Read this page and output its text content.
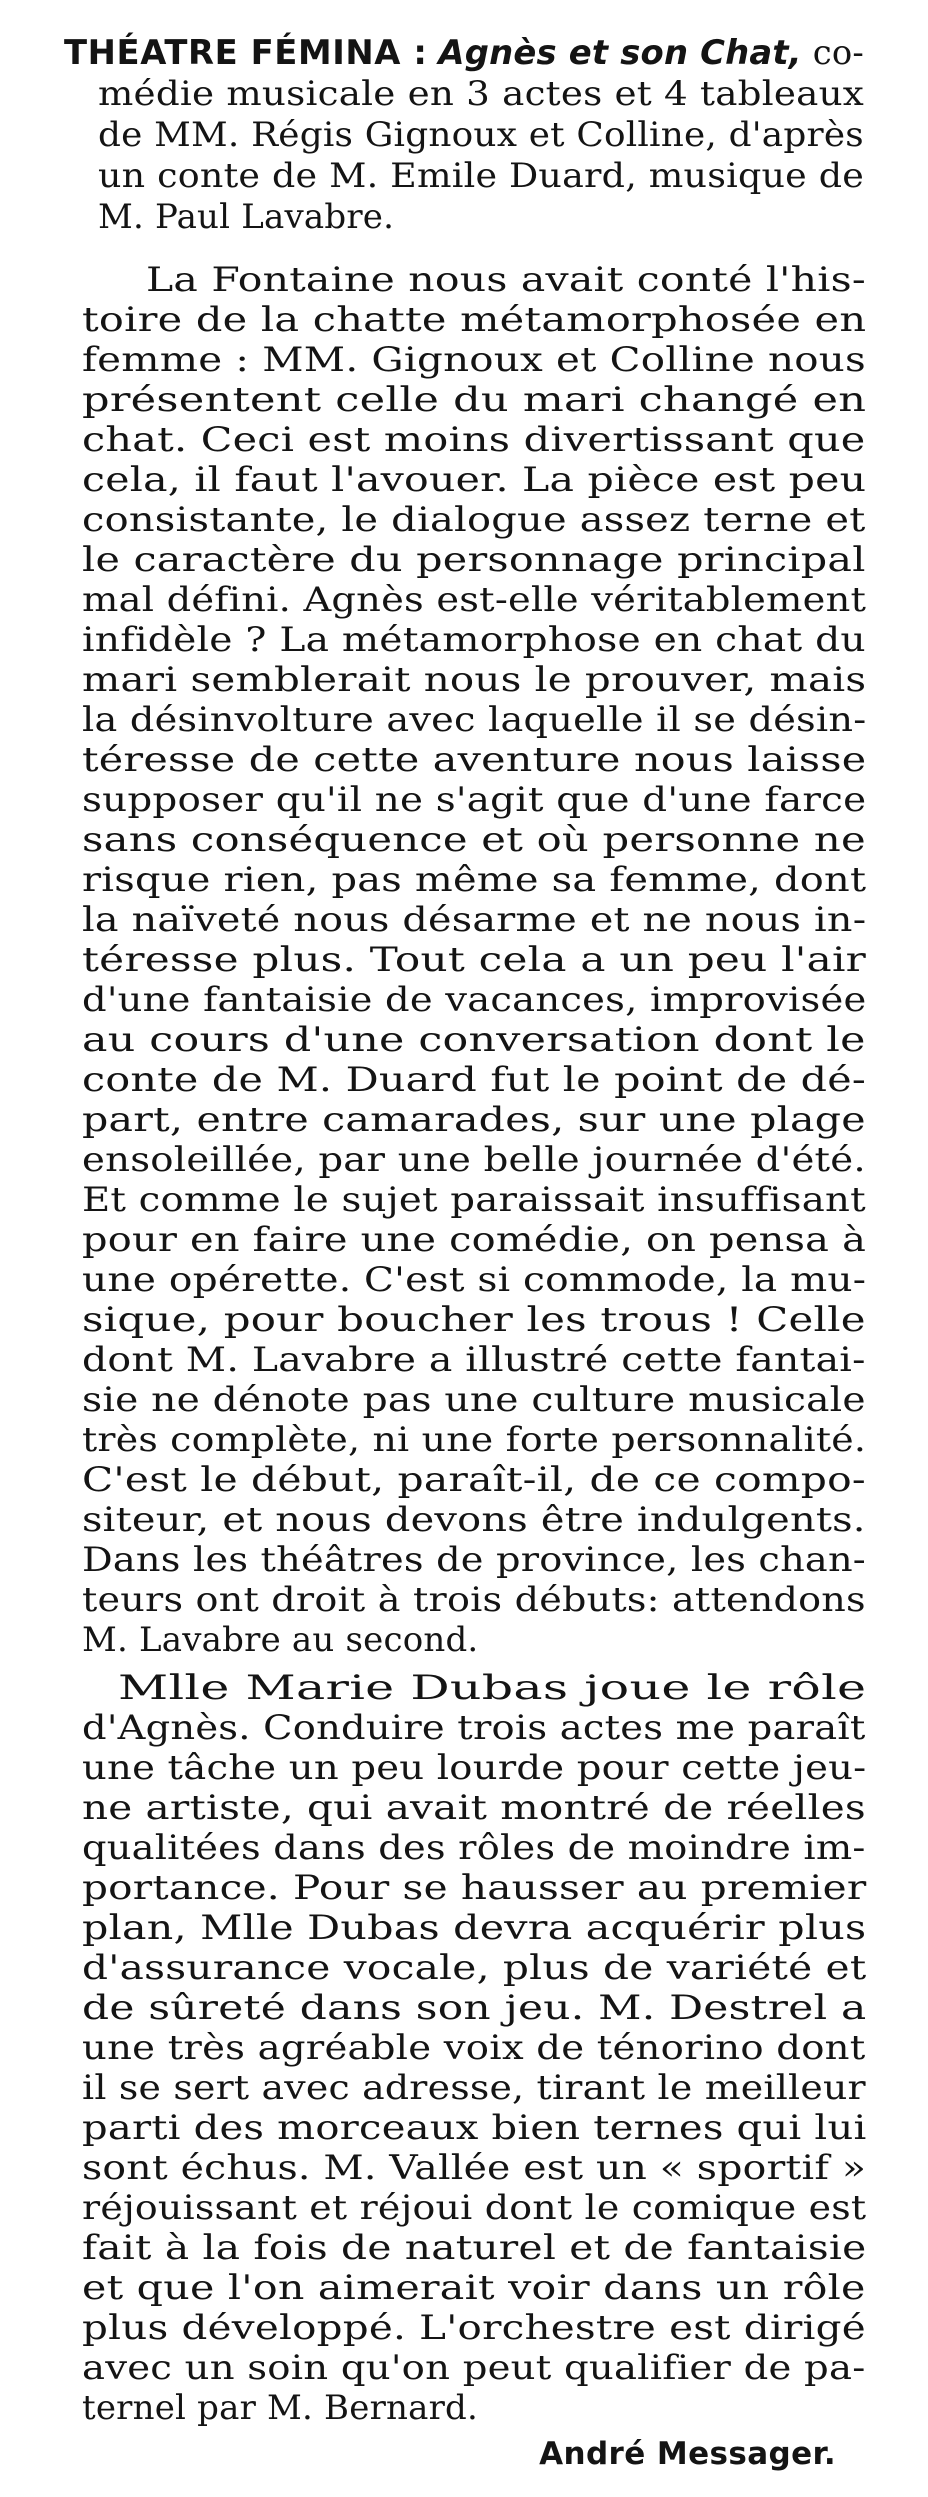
THÉATRE FÉMINA : Agnès et son Chat, co-
médie musicale en 3 actes et 4 tableaux
de MM. Régis Gignoux et Colline, d'après
un conte de M. Emile Duard, musique de
M. Paul Lavabre.
La Fontaine nous avait conté l'his-
toire de la chatte métamorphosée en
femme : MM. Gignoux et Colline nous
présentent celle du mari changé en
chat. Ceci est moins divertissant que
cela, il faut l'avouer. La pièce est peu
consistante, le dialogue assez terne et
le caractère du personnage principal
mal défini. Agnès est-elle véritablement
infidèle ? La métamorphose en chat du
mari semblerait nous le prouver, mais
la désinvolture avec laquelle il se désin-
téresse de cette aventure nous laisse
supposer qu'il ne s'agit que d'une farce
sans conséquence et où personne ne
risque rien, pas même sa femme, dont
la naïveté nous désarme et ne nous in-
téresse plus. Tout cela a un peu l'air
d'une fantaisie de vacances, improvisée
au cours d'une conversation dont le
conte de M. Duard fut le point de dé-
part, entre camarades, sur une plage
ensoleillée, par une belle journée d'été.
Et comme le sujet paraissait insuffisant
pour en faire une comédie, on pensa à
une opérette. C'est si commode, la mu-
sique, pour boucher les trous ! Celle
dont M. Lavabre a illustré cette fantai-
sie ne dénote pas une culture musicale
très complète, ni une forte personnalité.
C'est le début, paraît-il, de ce compo-
siteur, et nous devons être indulgents.
Dans les théâtres de province, les chan-
teurs ont droit à trois débuts: attendons
M. Lavabre au second.
Mlle Marie Dubas joue le rôle
d'Agnès. Conduire trois actes me paraît
une tâche un peu lourde pour cette jeu-
ne artiste, qui avait montré de réelles
qualitées dans des rôles de moindre im-
portance. Pour se hausser au premier
plan, Mlle Dubas devra acquérir plus
d'assurance vocale, plus de variété et
de sûreté dans son jeu. M. Destrel a
une très agréable voix de ténorino dont
il se sert avec adresse, tirant le meilleur
parti des morceaux bien ternes qui lui
sont échus. M. Vallée est un « sportif »
réjouissant et réjoui dont le comique est
fait à la fois de naturel et de fantaisie
et que l'on aimerait voir dans un rôle
plus développé. L'orchestre est dirigé
avec un soin qu'on peut qualifier de pa-
ternel par M. Bernard.
André Messager.
